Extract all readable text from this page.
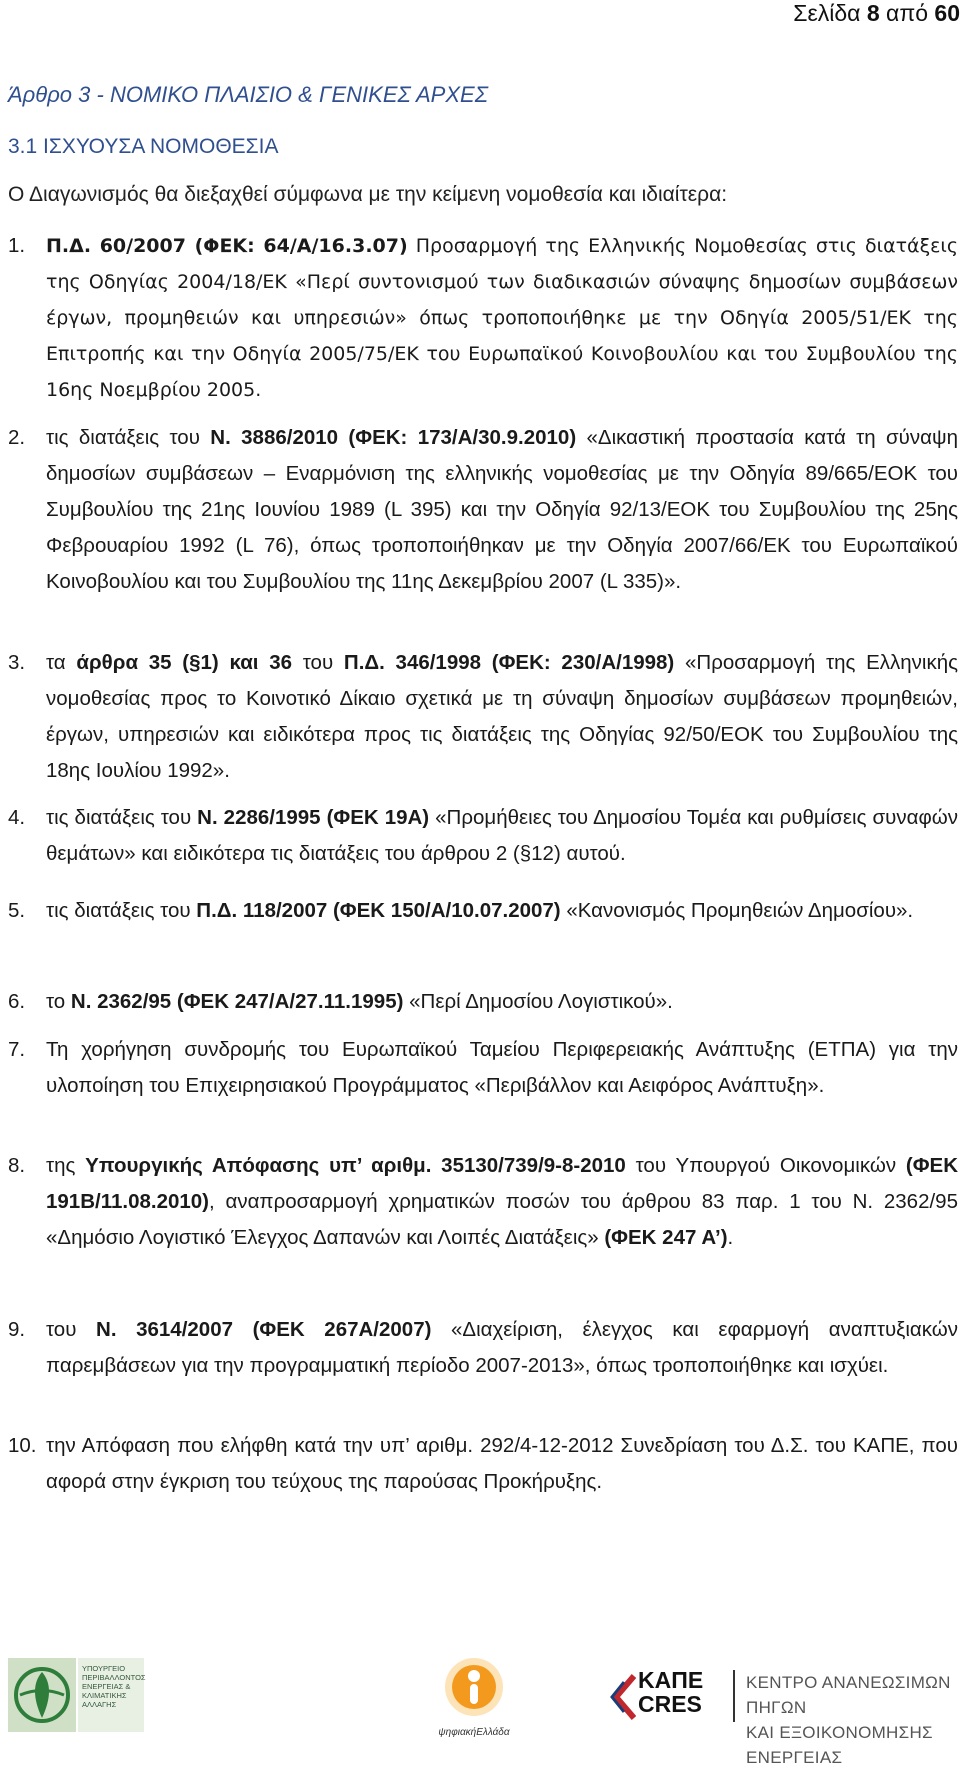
Σελίδα 8 από 60
Άρθρο 3 - ΝΟΜΙΚΟ ΠΛΑΙΣΙΟ & ΓΕΝΙΚΕΣ ΑΡΧΕΣ
3.1 ΙΣΧΥΟΥΣΑ ΝΟΜΟΘΕΣΙΑ
Ο Διαγωνισμός θα διεξαχθεί σύμφωνα με την κείμενη νομοθεσία και ιδιαίτερα:
1. Π.Δ. 60/2007 (ΦΕΚ: 64/Α/16.3.07) Προσαρμογή της Ελληνικής Νομοθεσίας στις διατάξεις της Οδηγίας 2004/18/ΕΚ «Περί συντονισμού των διαδικασιών σύναψης δημοσίων συμβάσεων έργων, προμηθειών και υπηρεσιών» όπως τροποποιήθηκε με την Οδηγία 2005/51/ΕΚ της Επιτροπής και την Οδηγία 2005/75/ΕΚ του Ευρωπαϊκού Κοινοβουλίου και του Συμβουλίου της 16ης Νοεμβρίου 2005.
2. τις διατάξεις του Ν. 3886/2010 (ΦΕΚ: 173/Α/30.9.2010) «Δικαστική προστασία κατά τη σύναψη δημοσίων συμβάσεων – Εναρμόνιση της ελληνικής νομοθεσίας με την Οδηγία 89/665/ΕΟΚ του Συμβουλίου της 21ης Ιουνίου 1989 (L 395) και την Οδηγία 92/13/ΕΟΚ του Συμβουλίου της 25ης Φεβρουαρίου 1992 (L 76), όπως τροποποιήθηκαν με την Οδηγία 2007/66/ΕΚ του Ευρωπαϊκού Κοινοβουλίου και του Συμβουλίου της 11ης Δεκεμβρίου 2007 (L 335)».
3. τα άρθρα 35 (§1) και 36 του Π.Δ. 346/1998 (ΦΕΚ: 230/Α/1998) «Προσαρμογή της Ελληνικής νομοθεσίας προς το Κοινοτικό Δίκαιο σχετικά με τη σύναψη δημοσίων συμβάσεων προμηθειών, έργων, υπηρεσιών και ειδικότερα προς τις διατάξεις της Οδηγίας 92/50/ΕΟΚ του Συμβουλίου της 18ης Ιουλίου 1992».
4. τις διατάξεις του Ν. 2286/1995 (ΦΕΚ 19Α) «Προμήθειες του Δημοσίου Τομέα και ρυθμίσεις συναφών θεμάτων» και ειδικότερα τις διατάξεις του άρθρου 2 (§12) αυτού.
5. τις διατάξεις του Π.Δ. 118/2007 (ΦΕΚ 150/Α/10.07.2007) «Κανονισμός Προμηθειών Δημοσίου».
6. το Ν. 2362/95 (ΦΕΚ 247/Α/27.11.1995) «Περί Δημοσίου Λογιστικού».
7. Τη χορήγηση συνδρομής του Ευρωπαϊκού Ταμείου Περιφερειακής Ανάπτυξης (ΕΤΠΑ) για την υλοποίηση του Επιχειρησιακού Προγράμματος «Περιβάλλον και Αειφόρος Ανάπτυξη».
8. της Υπουργικής Απόφασης υπ’ αριθμ. 35130/739/9-8-2010 του Υπουργού Οικονομικών (ΦΕΚ 191Β/11.08.2010), αναπροσαρμογή χρηματικών ποσών του άρθρου 83 παρ. 1 του Ν. 2362/95 «Δημόσιο Λογιστικό Έλεγχος Δαπανών και Λοιπές Διατάξεις» (ΦΕΚ 247 Α’).
9. του Ν. 3614/2007 (ΦΕΚ 267Α/2007) «Διαχείριση, έλεγχος και εφαρμογή αναπτυξιακών παρεμβάσεων για την προγραμματική περίοδο 2007-2013», όπως τροποποιήθηκε και ισχύει.
10. την Απόφαση που ελήφθη κατά την υπ’ αριθμ. 292/4-12-2012 Συνεδρίαση του Δ.Σ. του ΚΑΠΕ, που αφορά στην έγκριση του τεύχους της παρούσας Προκήρυξης.
ΥΠΟΥΡΓΕΙΟ ΠΕΡΙΒΑΛΛΟΝΤΟΣ ΕΝΕΡΓΕΙΑΣ & ΚΛΙΜΑΤΙΚΗΣ ΑΛΛΑΓΗΣ
ψηφιακήΕλλάδα
ΚΑΠΕ
CRES
ΚΕΝΤΡΟ ΑΝΑΝΕΩΣΙΜΩΝ ΠΗΓΩΝ
ΚΑΙ ΕΞΟΙΚΟΝΟΜΗΣΗΣ ΕΝΕΡΓΕΙΑΣ
